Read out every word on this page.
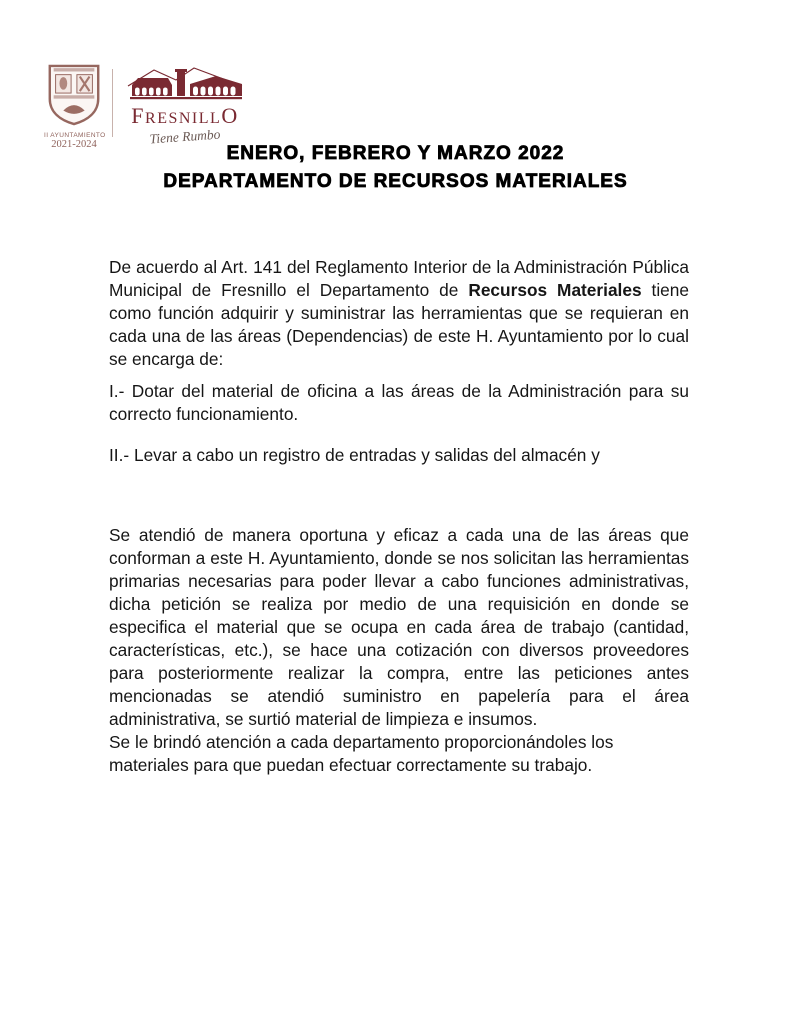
II AYUNTAMIENTO
2021-2024
FRESNILLO
Tiene Rumbo
ENERO, FEBRERO Y MARZO 2022
DEPARTAMENTO DE RECURSOS MATERIALES
De acuerdo al Art. 141 del Reglamento Interior de la Administración Pública Municipal de Fresnillo el Departamento de Recursos Materiales tiene como función adquirir y suministrar las herramientas que se requieran en cada una de las áreas (Dependencias) de este H. Ayuntamiento por lo cual se encarga de:
I.- Dotar del material de oficina a las áreas de la Administración para su correcto funcionamiento.
II.- Levar a cabo un registro de entradas y salidas del almacén y

Se atendió de manera oportuna y eficaz a cada una de las áreas que conforman a este H. Ayuntamiento, donde se nos solicitan las herramientas primarias necesarias para poder llevar a cabo funciones administrativas, dicha petición se realiza por medio de una requisición en donde se especifica el material que se ocupa en cada área de trabajo (cantidad, características, etc.), se hace una cotización con diversos proveedores para posteriormente realizar la compra, entre las peticiones antes mencionadas se atendió suministro en papelería para el área administrativa, se surtió material de limpieza e insumos.

Se le brindó atención a cada departamento proporcionándoles los materiales para que puedan efectuar correctamente su trabajo.
